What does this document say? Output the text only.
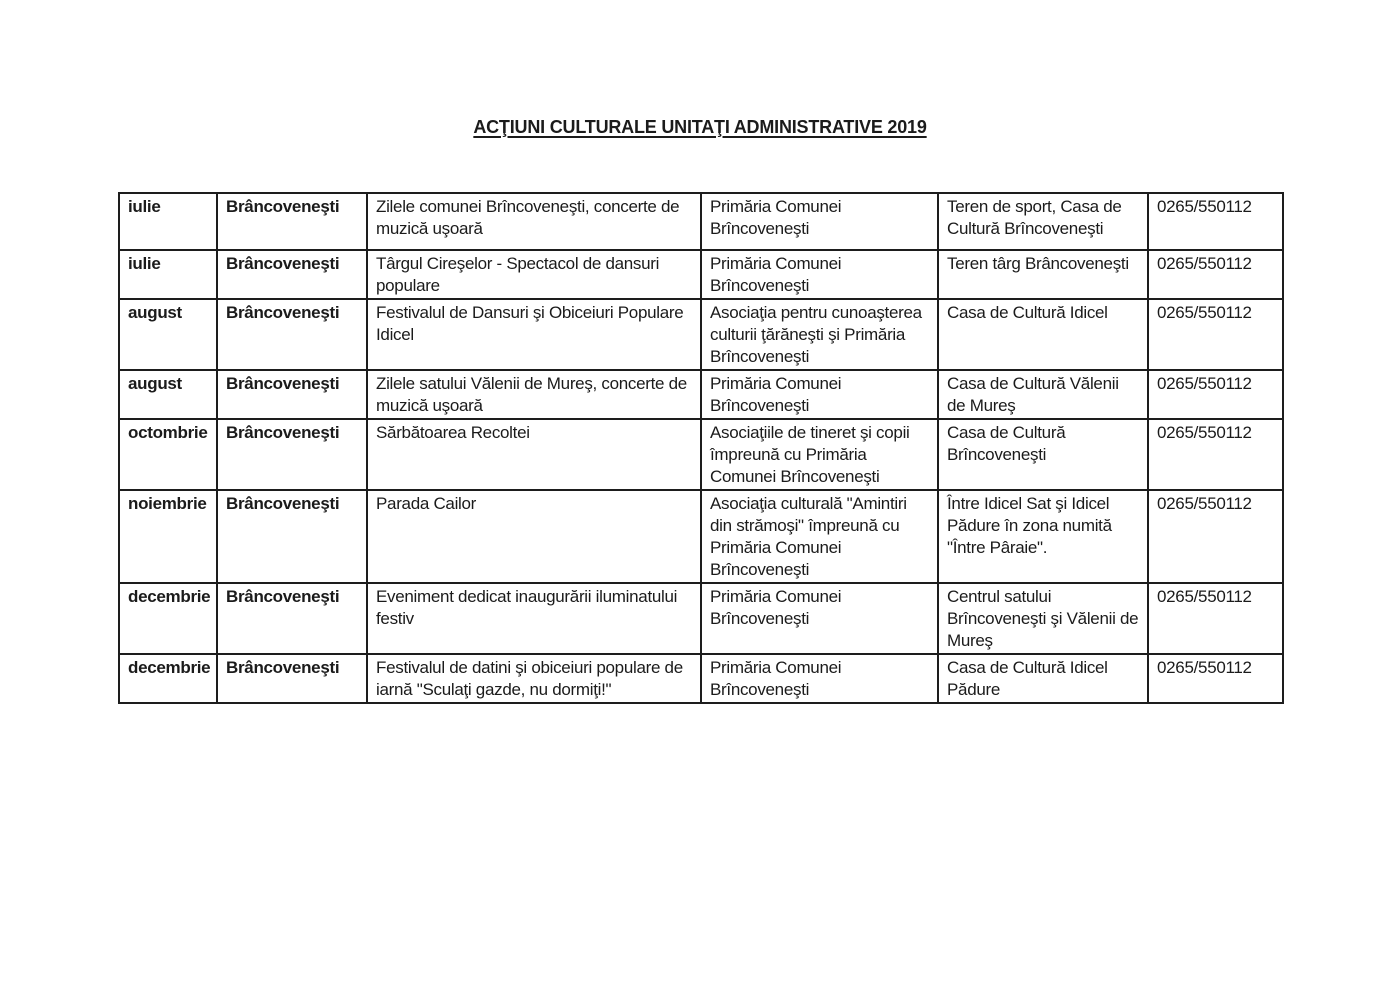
ACŢIUNI CULTURALE UNITAŢI ADMINISTRATIVE 2019
iulie	Brâncoveneşti	Zilele comunei Brîncoveneşti, concerte de muzică uşoară	Primăria Comunei Brîncoveneşti	Teren de sport, Casa de Cultură Brîncoveneşti	0265/550112
iulie	Brâncoveneşti	Târgul Cireşelor - Spectacol de dansuri populare	Primăria Comunei Brîncoveneşti	Teren târg Brâncoveneşti	0265/550112
august	Brâncoveneşti	Festivalul de Dansuri şi Obiceiuri Populare Idicel	Asociaţia pentru cunoaşterea culturii ţărăneşti şi Primăria Brîncoveneşti	Casa de Cultură Idicel	0265/550112
august	Brâncoveneşti	Zilele satului Vălenii de Mureş, concerte de muzică uşoară	Primăria Comunei Brîncoveneşti	Casa de Cultură Vălenii de Mureş	0265/550112
octombrie	Brâncoveneşti	Sărbătoarea Recoltei	Asociaţiile de tineret şi copii împreună cu Primăria Comunei Brîncoveneşti	Casa de Cultură Brîncoveneşti	0265/550112
noiembrie	Brâncoveneşti	Parada Cailor	Asociaţia culturală "Amintiri din strămoşi" împreună cu Primăria Comunei Brîncoveneşti	Între Idicel Sat şi Idicel Pădure în zona numită "Între Pâraie".	0265/550112
decembrie	Brâncoveneşti	Eveniment dedicat inaugurării iluminatului festiv	Primăria Comunei Brîncoveneşti	Centrul satului Brîncoveneşti şi Vălenii de Mureş	0265/550112
decembrie	Brâncoveneşti	Festivalul de datini şi obiceiuri populare de iarnă "Sculaţi gazde, nu dormiţi!"	Primăria Comunei Brîncoveneşti	Casa de Cultură Idicel Pădure	0265/550112
